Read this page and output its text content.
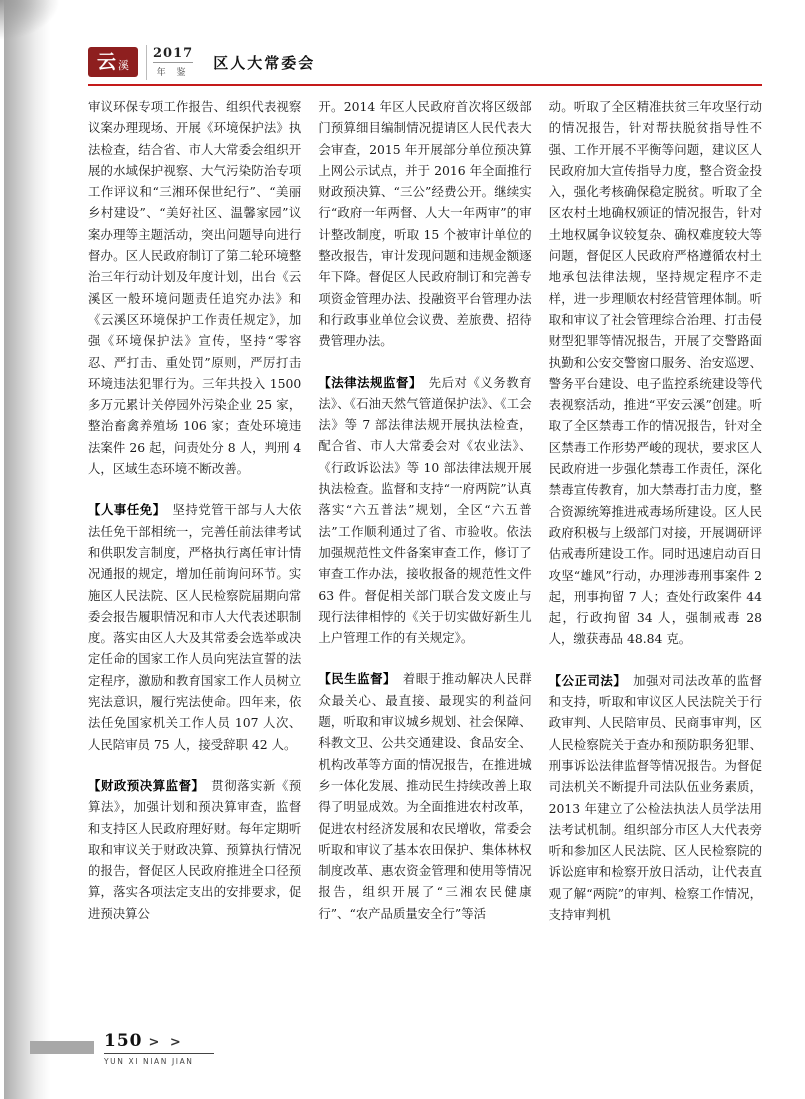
云 溪
2017
年 鉴
区人大常委会

审议环保专项工作报告、组织代表视察议案办理现场、开展《环境保护法》执法检查，结合省、市人大常委会组织开展的水域保护视察、大气污染防治专项工作评议和“三湘环保世纪行”、“美丽乡村建设”、“美好社区、温馨家园”议案办理等主题活动，突出问题导向进行督办。区人民政府制订了第二轮环境整治三年行动计划及年度计划，出台《云溪区一般环境问题责任追究办法》和《云溪区环境保护工作责任规定》，加强《环境保护法》宣传，坚持“零容忍、严打击、重处罚”原则，严厉打击环境违法犯罪行为。三年共投入 1500 多万元累计关停园外污染企业 25 家，整治畜禽养殖场 106 家；查处环境违法案件 26 起，问责处分 8 人，判刑 4 人，区域生态环境不断改善。

【人事任免】　坚持党管干部与人大依法任免干部相统一，完善任前法律考试和供职发言制度，严格执行离任审计情况通报的规定，增加任前询问环节。实施区人民法院、区人民检察院届期向常委会报告履职情况和市人大代表述职制度。落实由区人大及其常委会选举或决定任命的国家工作人员向宪法宣誓的法定程序，激励和教育国家工作人员树立宪法意识，履行宪法使命。四年来，依法任免国家机关工作人员 107 人次、人民陪审员 75 人，接受辞职 42 人。

【财政预决算监督】　贯彻落实新《预算法》，加强计划和预决算审查，监督和支持区人民政府理好财。每年定期听取和审议关于财政决算、预算执行情况的报告，督促区人民政府推进全口径预算，落实各项法定支出的安排要求，促进预决算公

开。2014 年区人民政府首次将区级部门预算细目编制情况提请区人民代表大会审查，2015 年开展部分单位预决算上网公示试点，并于 2016 年全面推行财政预决算、“三公”经费公开。继续实行“政府一年两督、人大一年两审”的审计整改制度，听取 15 个被审计单位的整改报告，审计发现问题和违规金额逐年下降。督促区人民政府制订和完善专项资金管理办法、投融资平台管理办法和行政事业单位会议费、差旅费、招待费管理办法。

【法律法规监督】　先后对《义务教育法》、《石油天然气管道保护法》、《工会法》等 7 部法律法规开展执法检查，配合省、市人大常委会对《农业法》、《行政诉讼法》等 10 部法律法规开展执法检查。监督和支持“一府两院”认真落实“六五普法”规划，全区“六五普法”工作顺利通过了省、市验收。依法加强规范性文件备案审查工作，修订了审查工作办法，接收报备的规范性文件 63 件。督促相关部门联合发文废止与现行法律相悖的《关于切实做好新生儿上户管理工作的有关规定》。

【民生监督】　着眼于推动解决人民群众最关心、最直接、最现实的利益问题，听取和审议城乡规划、社会保障、科教文卫、公共交通建设、食品安全、机构改革等方面的情况报告，在推进城乡一体化发展、推动民生持续改善上取得了明显成效。为全面推进农村改革，促进农村经济发展和农民增收，常委会听取和审议了基本农田保护、集体林权制度改革、惠农资金管理和使用等情况报告，组织开展了“三湘农民健康行”、“农产品质量安全行”等活

动。听取了全区精准扶贫三年攻坚行动的情况报告，针对帮扶脱贫指导性不强、工作开展不平衡等问题，建议区人民政府加大宣传指导力度，整合资金投入，强化考核确保稳定脱贫。听取了全区农村土地确权颁证的情况报告，针对土地权属争议较复杂、确权难度较大等问题，督促区人民政府严格遵循农村土地承包法律法规，坚持规定程序不走样，进一步理顺农村经营管理体制。听取和审议了社会管理综合治理、打击侵财型犯罪等情况报告，开展了交警路面执勤和公安交警窗口服务、治安巡逻、警务平台建设、电子监控系统建设等代表视察活动，推进“平安云溪”创建。听取了全区禁毒工作的情况报告，针对全区禁毒工作形势严峻的现状，要求区人民政府进一步强化禁毒工作责任，深化禁毒宣传教育，加大禁毒打击力度，整合资源统筹推进戒毒场所建设。区人民政府积极与上级部门对接，开展调研评估戒毒所建设工作。同时迅速启动百日攻坚“雄风”行动，办理涉毒刑事案件 2 起，刑事拘留 7 人；查处行政案件 44 起，行政拘留 34 人，强制戒毒 28 人，缴获毒品 48.84 克。

【公正司法】　加强对司法改革的监督和支持，听取和审议区人民法院关于行政审判、人民陪审员、民商事审判，区人民检察院关于查办和预防职务犯罪、刑事诉讼法律监督等情况报告。为督促司法机关不断提升司法队伍业务素质，2013 年建立了公检法执法人员学法用法考试机制。组织部分市区人大代表旁听和参加区人民法院、区人民检察院的诉讼庭审和检察开放日活动，让代表直观了解“两院”的审判、检察工作情况，支持审判机

150 > >
YUN XI NIAN JIAN
